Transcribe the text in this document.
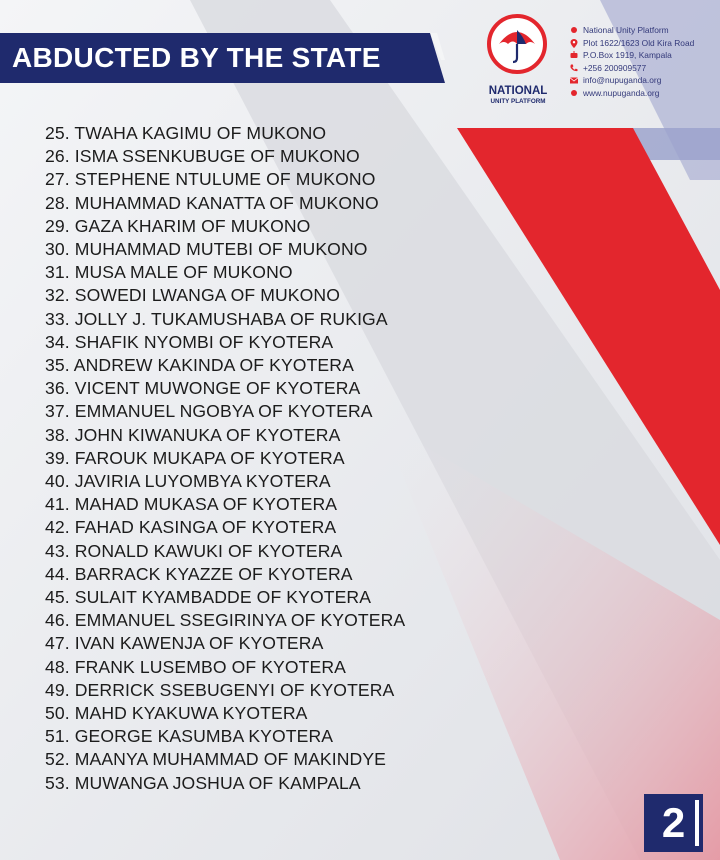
ABDUCTED BY THE STATE
NATIONAL
UNITY PLATFORM
National Unity Platform
Plot 1622/1623 Old Kira Road
P.O.Box 1919, Kampala
+256 200909577
info@nupuganda.org
www.nupuganda.org
25. TWAHA KAGIMU OF MUKONO
26. ISMA SSENKUBUGE OF MUKONO
27. STEPHENE NTULUME OF MUKONO
28. MUHAMMAD KANATTA OF MUKONO
29. GAZA KHARIM OF MUKONO
30. MUHAMMAD MUTEBI OF MUKONO
31. MUSA MALE OF MUKONO
32. SOWEDI LWANGA OF MUKONO
33. JOLLY J. TUKAMUSHABA OF RUKIGA
34. SHAFIK NYOMBI OF KYOTERA
35. ANDREW KAKINDA OF KYOTERA
36. VICENT MUWONGE OF KYOTERA
37. EMMANUEL NGOBYA OF KYOTERA
38. JOHN KIWANUKA OF KYOTERA
39. FAROUK MUKAPA OF KYOTERA
40. JAVIRIA LUYOMBYA KYOTERA
41. MAHAD MUKASA OF KYOTERA
42. FAHAD KASINGA OF KYOTERA
43. RONALD KAWUKI OF KYOTERA
44. BARRACK KYAZZE OF KYOTERA
45. SULAIT KYAMBADDE OF KYOTERA
46. EMMANUEL SSEGIRINYA OF KYOTERA
47. IVAN KAWENJA OF KYOTERA
48. FRANK LUSEMBO OF KYOTERA
49. DERRICK SSEBUGENYI OF KYOTERA
50. MAHD KYAKUWA KYOTERA
51. GEORGE KASUMBA KYOTERA
52. MAANYA MUHAMMAD OF MAKINDYE
53. MUWANGA JOSHUA OF KAMPALA
2
